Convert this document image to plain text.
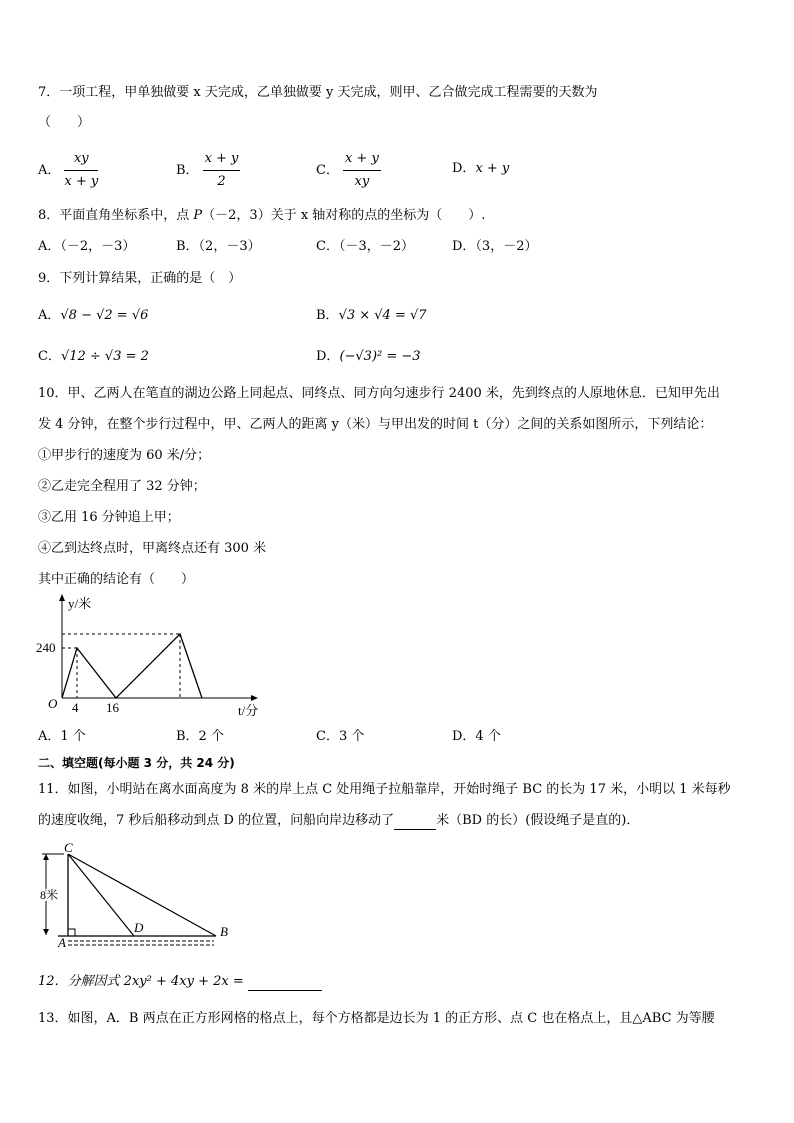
7．一项工程，甲单独做要 x 天完成，乙单独做要 y 天完成，则甲、乙合做完成工程需要的天数为
（　　）
A． $\frac{xy}{x + y}$	B． $\frac{x + y}{2}$	C． $\frac{x + y}{xy}$	D．x + y
8．平面直角坐标系中，点 P（－2，3）关于 x 轴对称的点的坐标为（　　）.
A．（－2，－3）	B．（2，－3）	C．（－3，－2）	D．（3，－2）
9．下列计算结果，正确的是（　）
A．√8 − √2 = √6	B．√3 × √4 = √7
C．√12 ÷ √3 = 2	D．(−√3)² = −3
10．甲、乙两人在笔直的湖边公路上同起点、同终点、同方向匀速步行 2400 米，先到终点的人原地休息．已知甲先出
发 4 分钟，在整个步行过程中，甲、乙两人的距离 y（米）与甲出发的时间 t（分）之间的关系如图所示，下列结论：
①甲步行的速度为 60 米/分；
②乙走完全程用了 32 分钟；
③乙用 16 分钟追上甲；
④乙到达终点时，甲离终点还有 300 米
其中正确的结论有（　　）
y/米
240
O 4 16	t/分
A．1 个	B．2 个	C．3 个	D．4 个
二、填空题(每小题 3 分，共 24 分)
11．如图，小明站在离水面高度为 8 米的岸上点 C 处用绳子拉船靠岸，开始时绳子 BC 的长为 17 米，小明以 1 米每秒
的速度收绳，7 秒后船移动到点 D 的位置，问船向岸边移动了	米（BD 的长）(假设绳子是直的)．
C
8米
A
D	B
12．分解因式 2xy² + 4xy + 2x =
13．如图，A．B 两点在正方形网格的格点上，每个方格都是边长为 1 的正方形、点 C 也在格点上，且△ABC 为等腰
